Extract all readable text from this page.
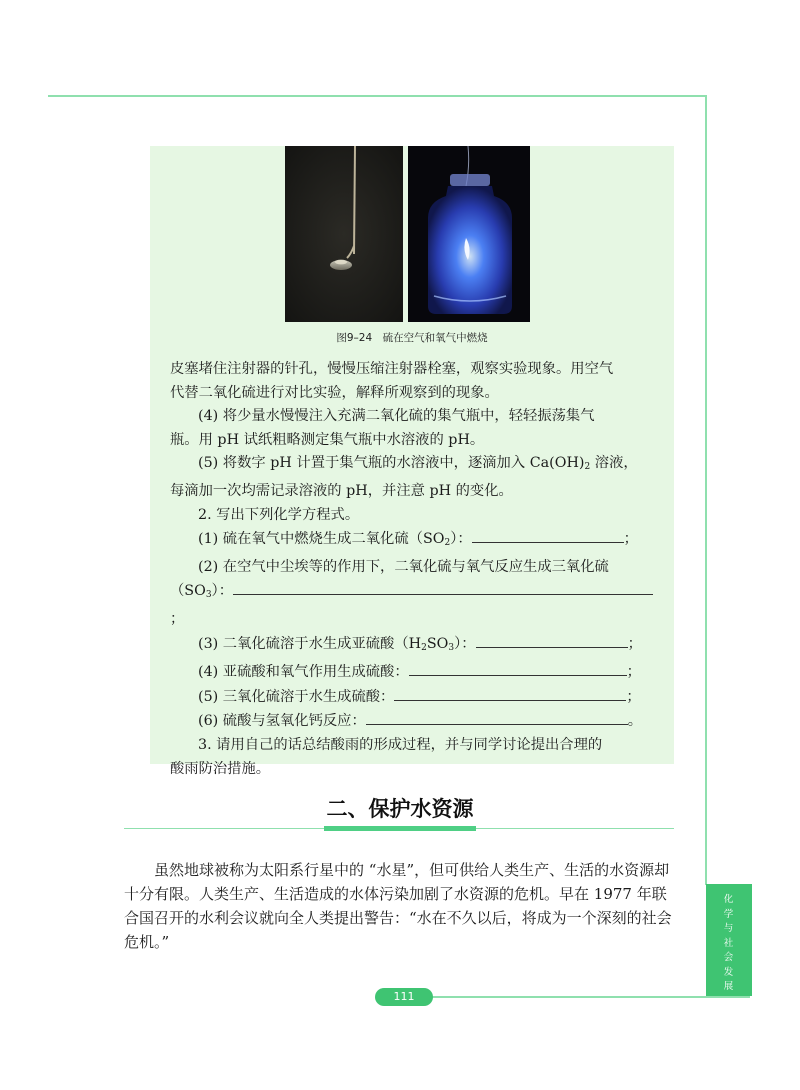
图9–24　硫在空气和氧气中燃烧

皮塞堵住注射器的针孔，慢慢压缩注射器栓塞，观察实验现象。用空气

代替二氧化硫进行对比实验，解释所观察到的现象。

(4) 将少量水慢慢注入充满二氧化硫的集气瓶中，轻轻振荡集气

瓶。用 pH 试纸粗略测定集气瓶中水溶液的 pH。

(5) 将数字 pH 计置于集气瓶的水溶液中，逐滴加入 $Ca(OH)_2$ 溶液，

每滴加一次均需记录溶液的 pH，并注意 pH 的变化。

2. 写出下列化学方程式。

(1) 硫在氧气中燃烧生成二氧化硫$(SO_2)$：	；

(2) 在空气中尘埃等的作用下，二氧化硫与氧气反应生成三氧化硫

$(SO_3)$：；

(3) 二氧化硫溶于水生成亚硫酸$(H_2SO_3)$：	；

(4) 亚硫酸和氧气作用生成硫酸：	；

(5) 三氧化硫溶于水生成硫酸：	；

(6) 硫酸与氢氧化钙反应：	。

3. 请用自己的话总结酸雨的形成过程，并与同学讨论提出合理的

酸雨防治措施。

二、保护水资源

虽然地球被称为太阳系行星中的 “水星”，但可供给人类生产、生活的水资源却十分有限。人类生产、生活造成的水体污染加剧了水资源的危机。早在 1977 年联合国召开的水利会议就向全人类提出警告：“水在不久以后，将成为一个深刻的社会危机。”

化
学
与
社
会
发
展
111
